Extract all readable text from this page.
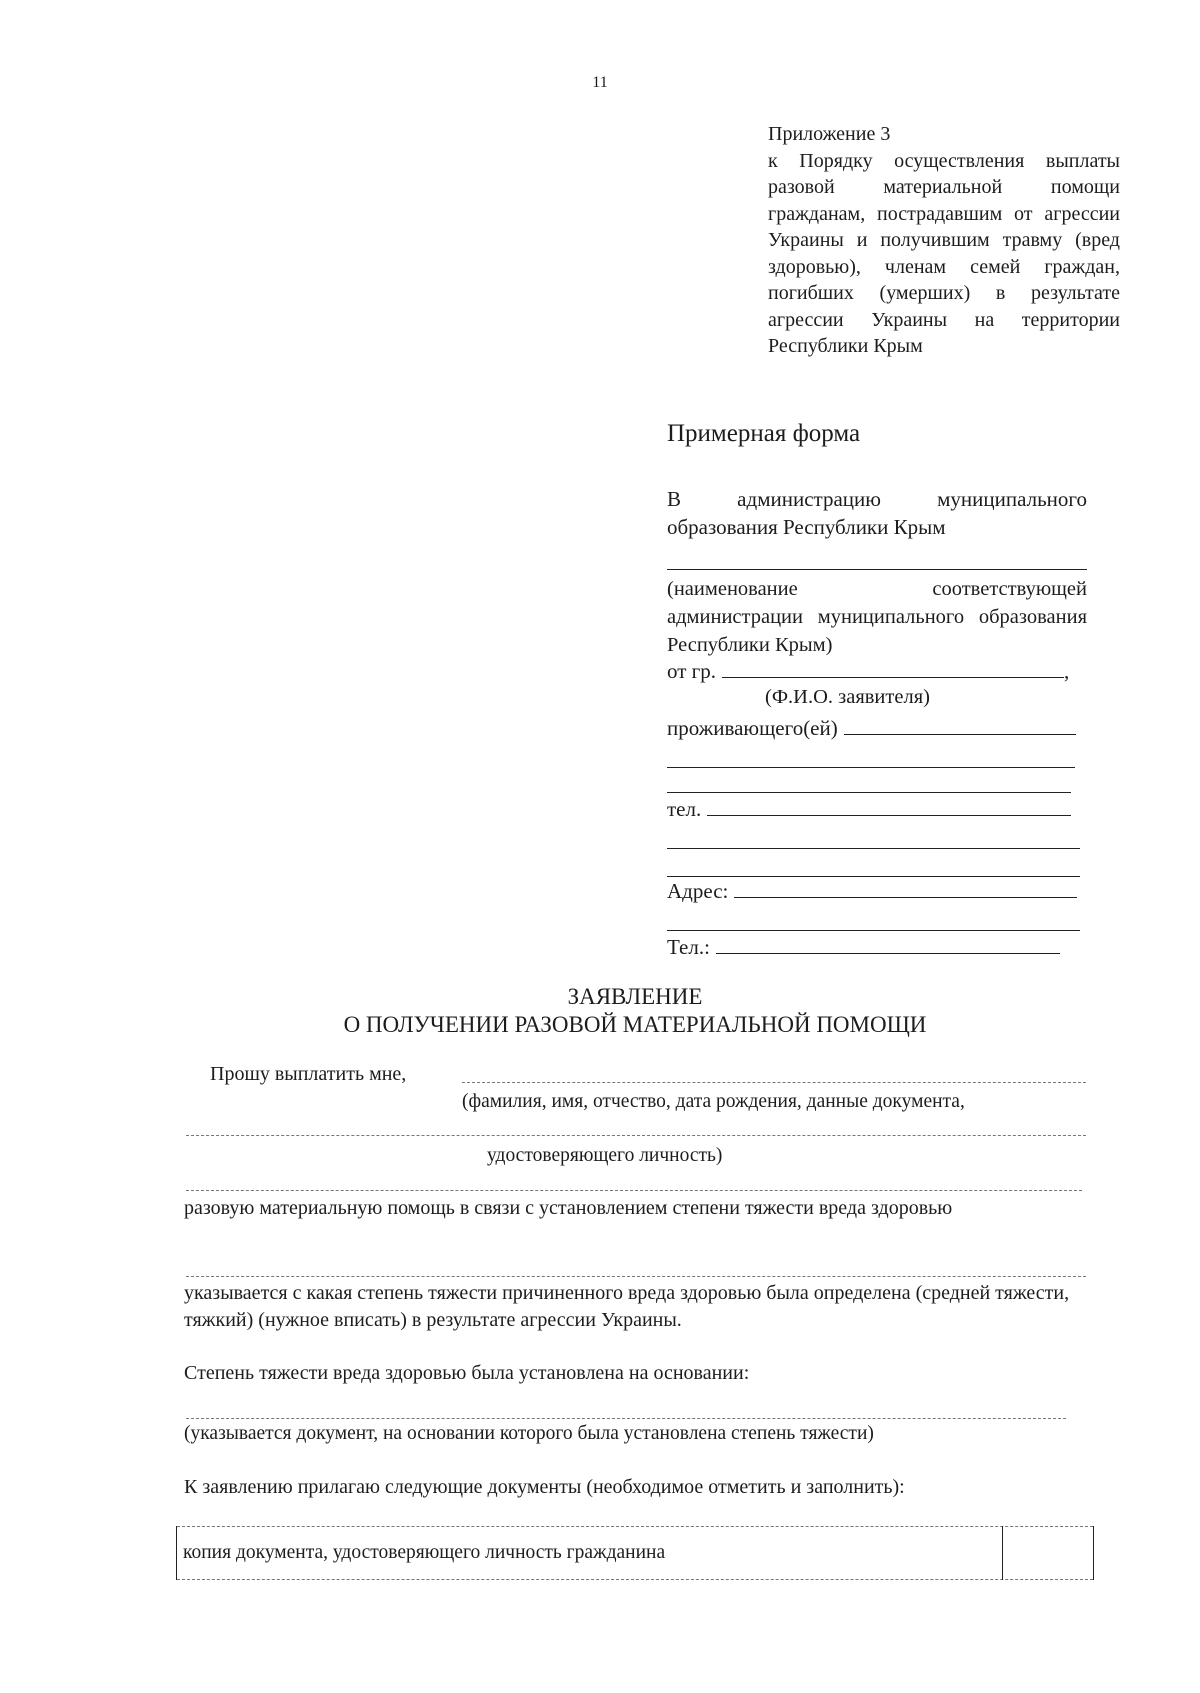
11
Приложение 3
к Порядку осуществления выплаты разовой материальной помощи гражданам, пострадавшим от агрессии Украины и получившим травму (вред здоровью), членам семей граждан, погибших (умерших) в результате агрессии Украины на территории Республики Крым
Примерная форма
В администрацию муниципального образования Республики Крым
(наименование соответствующей администрации муниципального образования Республики Крым)
от гр.	,
(Ф.И.О. заявителя)
проживающего(ей)
тел.
Адрес:
Тел.:
ЗАЯВЛЕНИЕ
О ПОЛУЧЕНИИ РАЗОВОЙ МАТЕРИАЛЬНОЙ ПОМОЩИ
Прошу выплатить мне,
(фамилия, имя, отчество, дата рождения, данные документа,
удостоверяющего личность)
разовую материальную помощь в связи с установлением степени тяжести вреда здоровью
указывается с какая степень тяжести причиненного вреда здоровью была определена (средней тяжести, тяжкий) (нужное вписать) в результате агрессии Украины.
Степень тяжести вреда здоровью была установлена на основании:
(указывается документ, на основании которого была установлена степень тяжести)
К заявлению прилагаю следующие документы (необходимое отметить и заполнить):
копия документа, удостоверяющего личность гражданина
